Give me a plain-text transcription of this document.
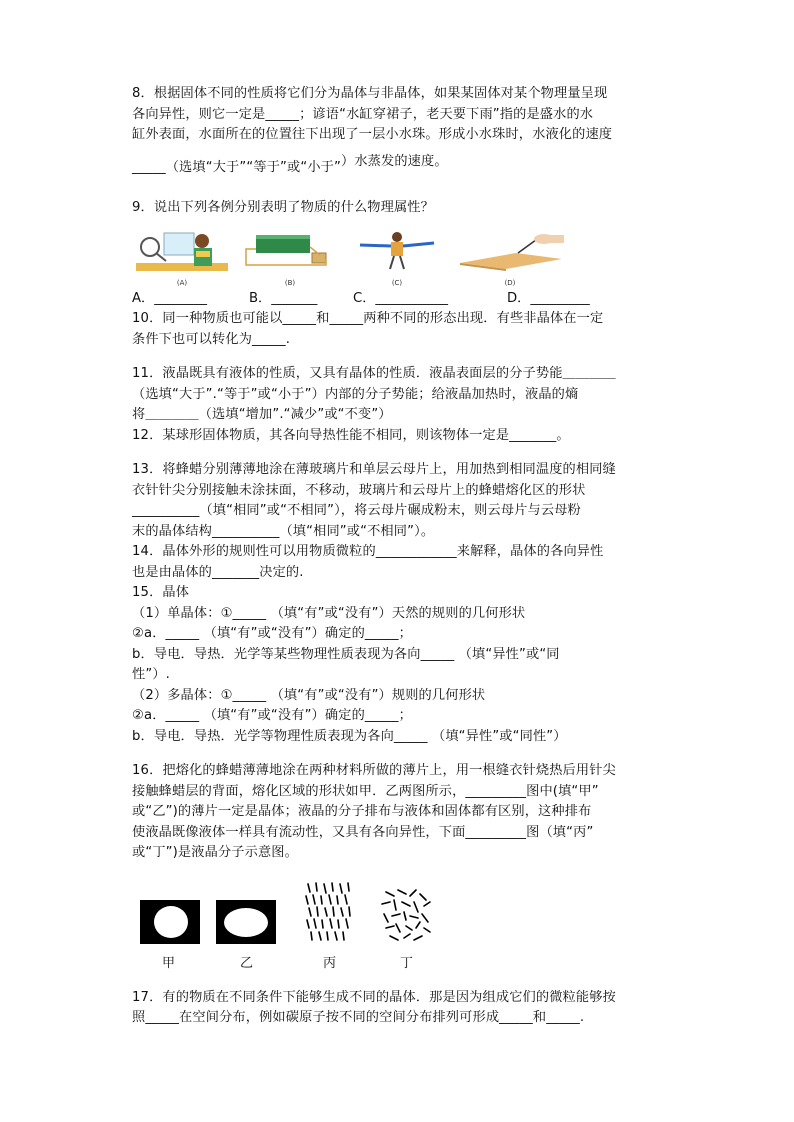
8．根据固体不同的性质将它们分为晶体与非晶体，如果某固体对某个物理量呈现
各向异性，则它一定是_____；谚语“水缸穿裙子，老天要下雨”指的是盛水的水
缸外表面，水面所在的位置往下出现了一层小水珠。形成小水珠时，水液化的速度
_____（选填“大于”“等于”或“小于”）水蒸发的速度。
9．说出下列各例分别表明了物质的什么物理属性？
(A)	(B)	(C)	(D)
A．________	B．_______	C．___________	D．_________
10．同一种物质也可能以_____和_____两种不同的形态出现．有些非晶体在一定
条件下也可以转化为_____.
11．液晶既具有液体的性质，又具有晶体的性质．液晶表面层的分子势能＿＿＿＿
（选填“大于”.“等于”或“小于”）内部的分子势能；给液晶加热时，液晶的熵
将＿＿＿＿（选填“增加”.“减少”或“不变”）
12．某球形固体物质，其各向导热性能不相同，则该物体一定是_______。
13．将蜂蜡分别薄薄地涂在薄玻璃片和单层云母片上，用加热到相同温度的相同缝
衣针针尖分别接触未涂抹面，不移动，玻璃片和云母片上的蜂蜡熔化区的形状
__________（填“相同”或“不相同”），将云母片碾成粉末，则云母片与云母粉
末的晶体结构__________（填“相同”或“不相同”）。
14．晶体外形的规则性可以用物质微粒的____________来解释，晶体的各向异性
也是由晶体的_______决定的.
15．晶体
（1）单晶体：①_____ （填“有”或“没有”）天然的规则的几何形状
②a．_____ （填“有”或“没有”）确定的_____；
b．导电．导热．光学等某些物理性质表现为各向_____ （填“异性”或“同
性”）.
（2）多晶体：①_____ （填“有”或“没有”）规则的几何形状
②a．_____ （填“有”或“没有”）确定的_____；
b．导电．导热．光学等物理性质表现为各向_____ （填“异性”或“同性”）
16．把熔化的蜂蜡薄薄地涂在两种材料所做的薄片上，用一根缝衣针烧热后用针尖
接触蜂蜡层的背面，熔化区域的形状如甲．乙两图所示，_________图中(填“甲”
或“乙”)的薄片一定是晶体；液晶的分子排布与液体和固体都有区别，这种排布
使液晶既像液体一样具有流动性，又具有各向异性，下面_________图（填“丙”
或“丁”)是液晶分子示意图。
甲	乙	丙	丁
17．有的物质在不同条件下能够生成不同的晶体．那是因为组成它们的微粒能够按
照_____在空间分布，例如碳原子按不同的空间分布排列可形成_____和_____.
